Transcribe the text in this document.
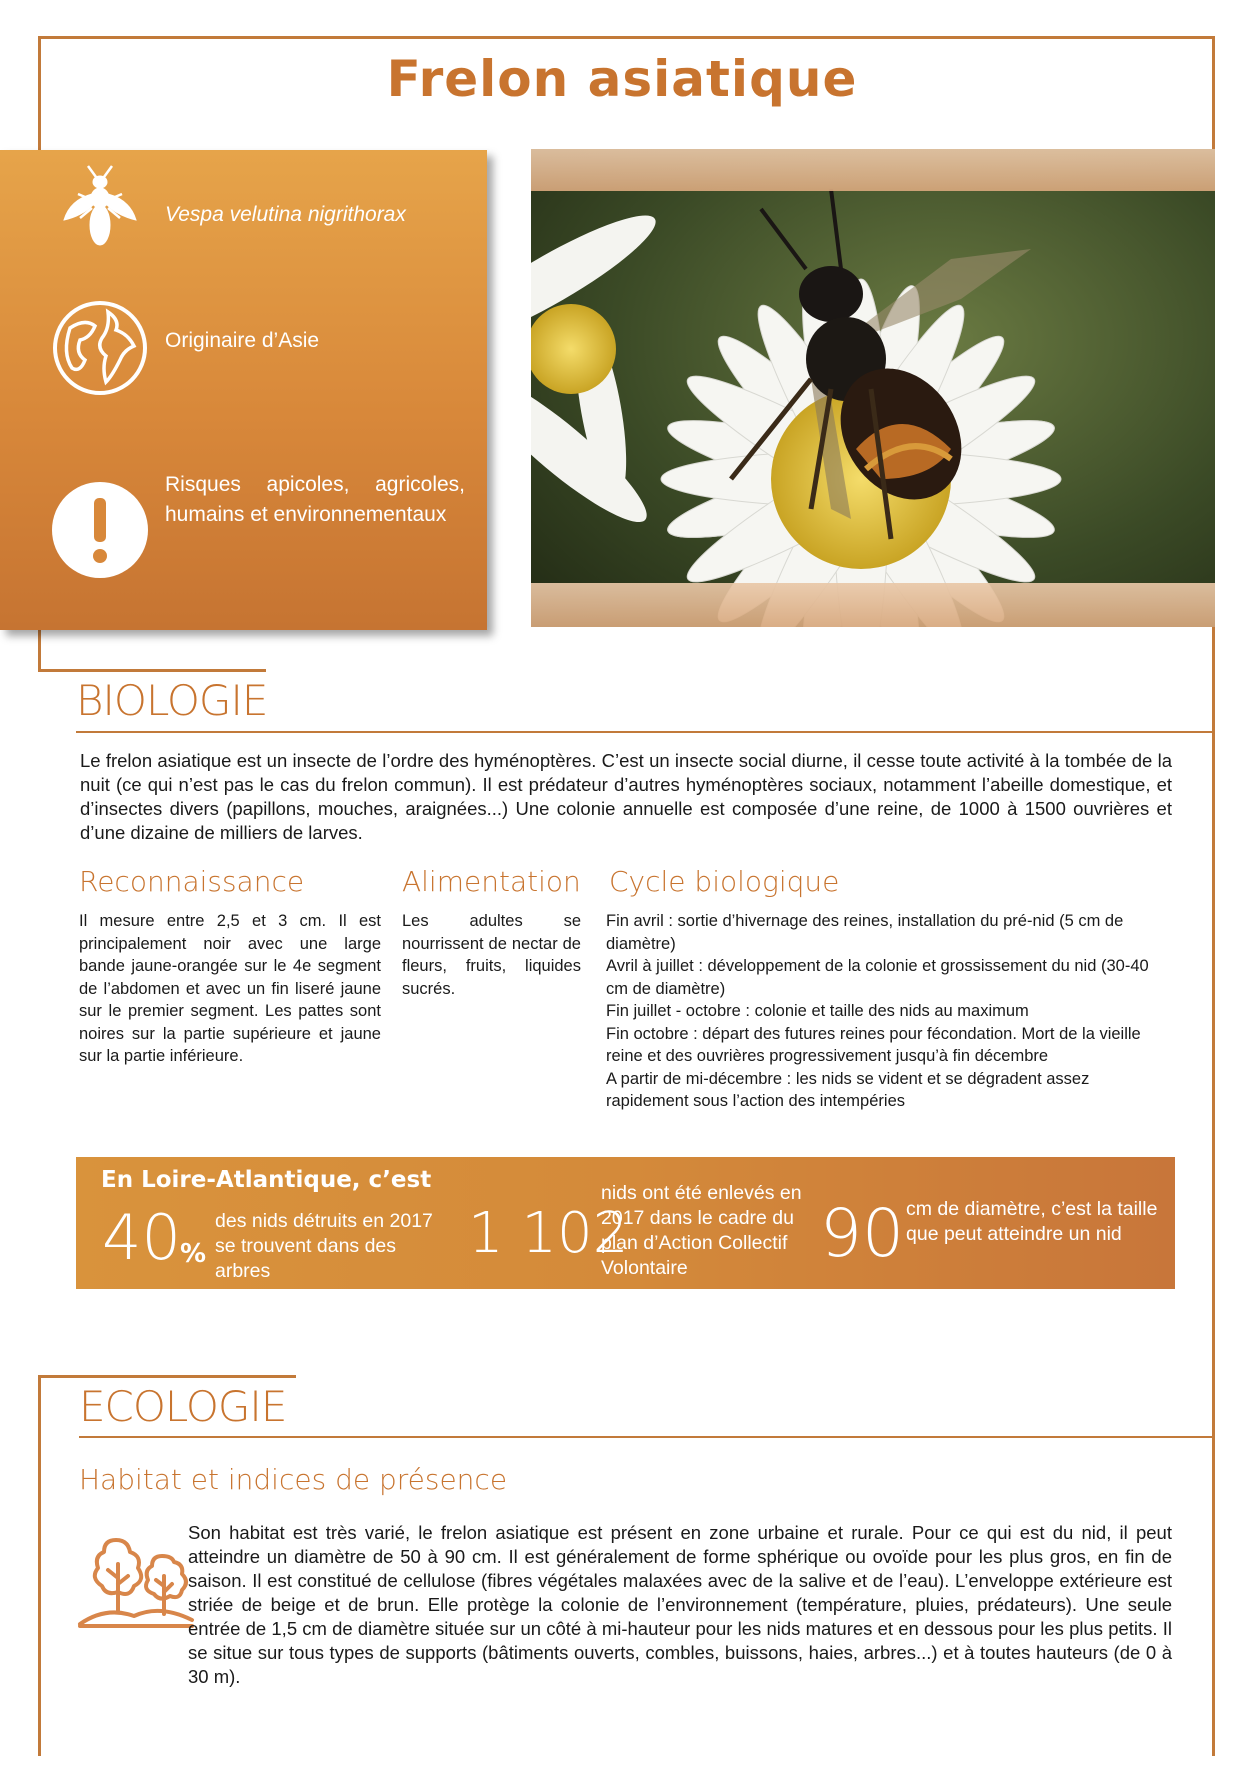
Frelon asiatique
Vespa velutina nigrithorax
Originaire d’Asie
Risques apicoles, agricoles, humains et environnementaux
BIOLOGIE
Le frelon asiatique est un insecte de l’ordre des hyménoptères. C’est un insecte social diurne, il cesse toute activité à la tombée de la nuit (ce qui n’est pas le cas du frelon commun). Il est prédateur d’autres hyménoptères sociaux, notamment l’abeille domestique, et d’insectes divers (papillons, mouches, araignées...) Une colonie annuelle est composée d’une reine, de 1000 à 1500 ouvrières et d’une dizaine de milliers de larves.
Reconnaissance
Il mesure entre 2,5 et 3 cm. Il est principalement noir avec une large bande jaune-orangée sur le 4e segment de l’abdomen et avec un fin liseré jaune sur le premier segment. Les pattes sont noires sur la partie supérieure et jaune sur la partie inférieure.
Alimentation
Les adultes se nourrissent de nectar de fleurs, fruits, liquides sucrés.
Cycle biologique

Fin avril : sortie d’hivernage des reines, installation du pré-nid (5 cm de diamètre)

Avril à juillet : développement de la colonie et grossissement du nid (30-40 cm de diamètre)

Fin juillet - octobre : colonie et taille des nids au maximum

Fin octobre : départ des futures reines pour fécondation. Mort de la vieille reine et des ouvrières progressivement jusqu’à fin décembre

A partir de mi-décembre : les nids se vident et se dégradent assez rapidement sous l’action des intempéries

En Loire-Atlantique, c’est
40 %
des nids détruits en 2017 se trouvent dans des arbres
1 102
nids ont été enlevés en 2017 dans le cadre du plan d’Action Collectif Volontaire	90 cm de diamètre, c’est la taille que peut atteindre un nid
ECOLOGIE
Habitat et indices de présence
Son habitat est très varié, le frelon asiatique est présent en zone urbaine et rurale. Pour ce qui est du nid, il peut atteindre un diamètre de 50 à 90 cm. Il est généralement de forme sphérique ou ovoïde pour les plus gros, en fin de saison. Il est constitué de cellulose (fibres végétales malaxées avec de la salive et de l’eau). L’enveloppe extérieure est striée de beige et de brun. Elle protège la colonie de l’environnement (température, pluies, prédateurs). Une seule entrée de 1,5 cm de diamètre située sur un côté à mi-hauteur pour les nids matures et en dessous pour les plus petits. Il se situe sur tous types de supports (bâtiments ouverts, combles, buissons, haies, arbres...) et à toutes hauteurs (de 0 à 30 m).
